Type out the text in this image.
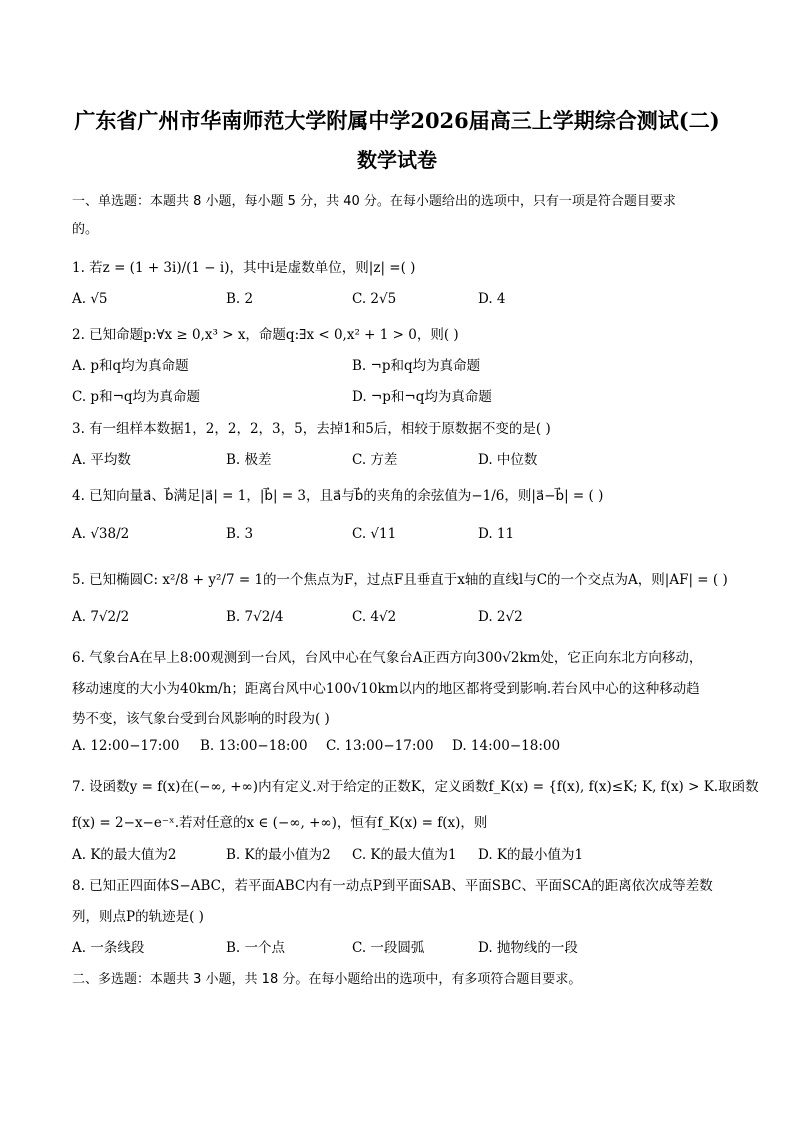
广东省广州市华南师范大学附属中学2026届高三上学期综合测试(二)
数学试卷
一、单选题：本题共 8 小题，每小题 5 分，共 40 分。在每小题给出的选项中，只有一项是符合题目要求
的。
1. 若z = (1 + 3i)/(1 − i)，其中i是虚数单位，则|z| =( )
A. √5	B. 2	C. 2√5	D. 4
2. 已知命题p:∀x ≥ 0,x³ > x，命题q:∃x < 0,x² + 1 > 0，则( )
A. p和q均为真命题	B. ¬p和q均为真命题
C. p和¬q均为真命题	D. ¬p和¬q均为真命题
3. 有一组样本数据1，2，2，2，3，5，去掉1和5后，相较于原数据不变的是( )
A. 平均数	B. 极差	C. 方差	D. 中位数
4. 已知向量a⃗、b⃗满足|a⃗| = 1，|b⃗| = 3，且a⃗与b⃗的夹角的余弦值为−1/6，则|a⃗−b⃗| = ( )
A. √38/2	B. 3	C. √11	D. 11
5. 已知椭圆C: x²/8 + y²/7 = 1的一个焦点为F，过点F且垂直于x轴的直线l与C的一个交点为A，则|AF| = ( )
A. 7√2/2	B. 7√2/4	C. 4√2	D. 2√2
6. 气象台A在早上8:00观测到一台风，台风中心在气象台A正西方向300√2km处，它正向东北方向移动，
移动速度的大小为40km/h；距离台风中心100√10km以内的地区都将受到影响.若台风中心的这种移动趋
势不变，该气象台受到台风影响的时段为( )
A. 12:00−17:00 B. 13:00−18:00 C. 13:00−17:00 D. 14:00−18:00
7. 设函数y = f(x)在(−∞, +∞)内有定义.对于给定的正数K，定义函数f_K(x) = {f(x), f(x)≤K; K, f(x) > K.取函数
f(x) = 2−x−e⁻ˣ.若对任意的x ∈ (−∞, +∞)，恒有f_K(x) = f(x)，则
A. K的最大值为2	B. K的最小值为2 C. K的最大值为1 D. K的最小值为1
8. 已知正四面体S−ABC，若平面ABC内有一动点P到平面SAB、平面SBC、平面SCA的距离依次成等差数
列，则点P的轨迹是( )
A. 一条线段	B. 一个点	C. 一段圆弧	D. 抛物线的一段
二、多选题：本题共 3 小题，共 18 分。在每小题给出的选项中，有多项符合题目要求。
